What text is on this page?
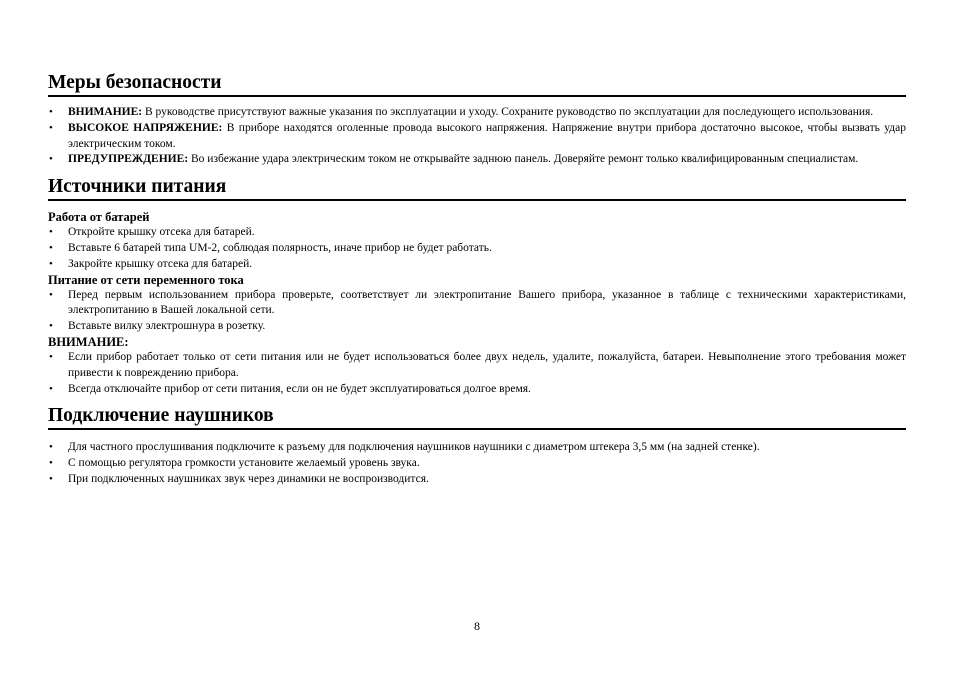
Меры безопасности
• ВНИМАНИЕ: В руководстве присутствуют важные указания по эксплуатации и уходу. Сохраните руководство по эксплуатации для последующего использования.
• ВЫСОКОЕ НАПРЯЖЕНИЕ: В приборе находятся оголенные провода высокого напряжения. Напряжение внутри прибора достаточно высокое, чтобы вызвать удар электрическим током.
• ПРЕДУПРЕЖДЕНИЕ: Во избежание удара электрическим током не открывайте заднюю панель. Доверяйте ремонт только квалифицированным специалистам.
Источники питания
Работа от батарей
• Откройте крышку отсека для батарей.
• Вставьте 6 батарей типа UM-2, соблюдая полярность, иначе прибор не будет работать.
• Закройте крышку отсека для батарей.
Питание от сети переменного тока
• Перед первым использованием прибора проверьте, соответствует ли электропитание Вашего прибора, указанное в таблице с техническими характеристиками, электропитанию в Вашей локальной сети.
• Вставьте вилку электрошнура в розетку.
ВНИМАНИЕ:
• Если прибор работает только от сети питания или не будет использоваться более двух недель, удалите, пожалуйста, батареи. Невыполнение этого требования может привести к повреждению прибора.
• Всегда отключайте прибор от сети питания, если он не будет эксплуатироваться долгое время.
Подключение наушников
• Для частного прослушивания подключите к разъему для подключения наушников наушники с диаметром штекера 3,5 мм (на задней стенке).
• С помощью регулятора громкости установите желаемый уровень звука.
• При подключенных наушниках звук через динамики не воспроизводится.
8
